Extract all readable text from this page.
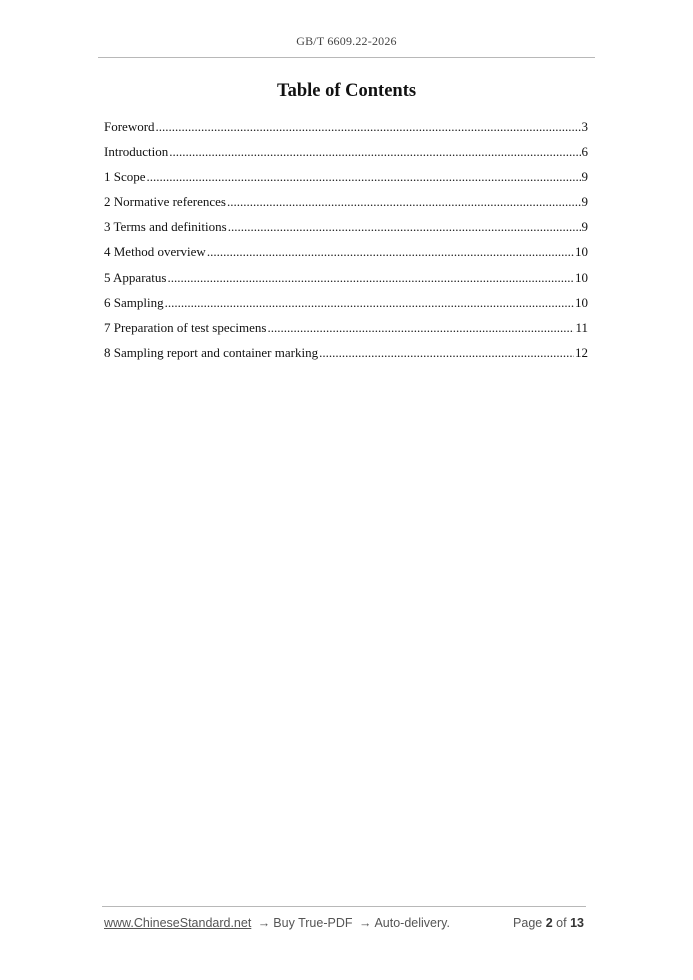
GB/T 6609.22-2026
Table of Contents
Foreword .....	3
Introduction .....	6
1 Scope .....	9
2 Normative references .....	9
3 Terms and definitions .....	9
4 Method overview .....	10
5 Apparatus .....	10
6 Sampling .....	10
7 Preparation of test specimens .....	11
8 Sampling report and container marking .....	12
www.ChineseStandard.net → Buy True-PDF → Auto-delivery.	Page 2 of 13
